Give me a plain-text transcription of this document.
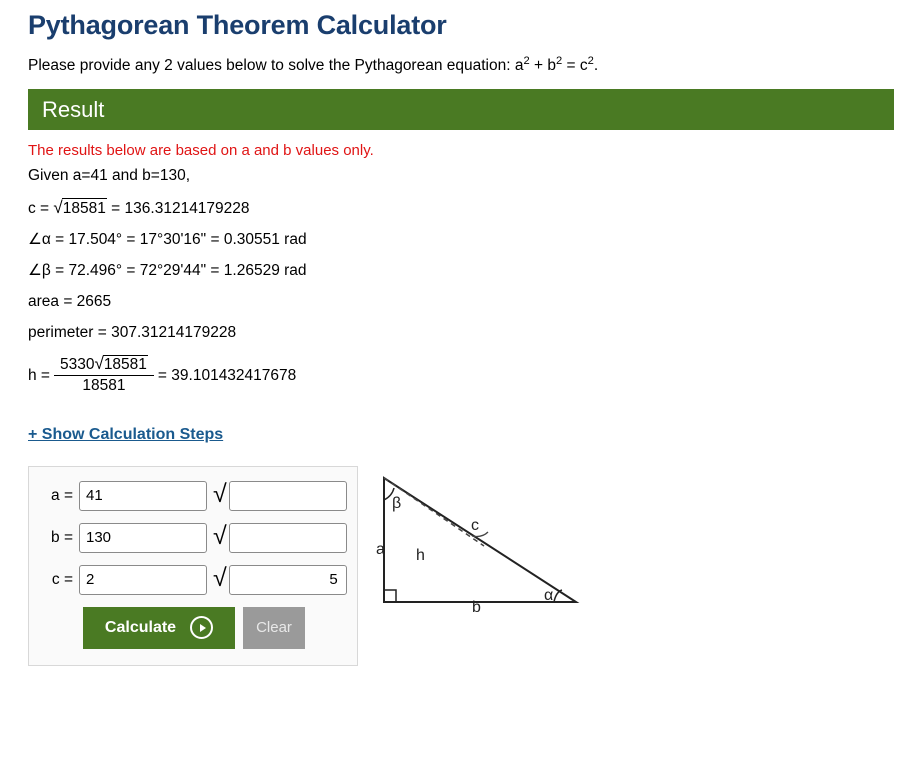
Pythagorean Theorem Calculator

Please provide any 2 values below to solve the Pythagorean equation: $a^2 + b^2 = c^2$.

Result
The results below are based on a and b values only.
Given a=41 and b=130,
c = √18581 = 136.31214179228
∠α = 17.504° = 17°30'16" = 0.30551 rad
∠β = 72.496° = 72°29'44" = 1.26529 rad
area = 2665
perimeter = 307.31214179228
$h = \frac{5330√18581}{18581} = 39.101432417678$
+ Show Calculation Steps
a =
41	√
b =
130	√
c =
2	√
5
Calculate	Clear
β
α
a
b
c
h
